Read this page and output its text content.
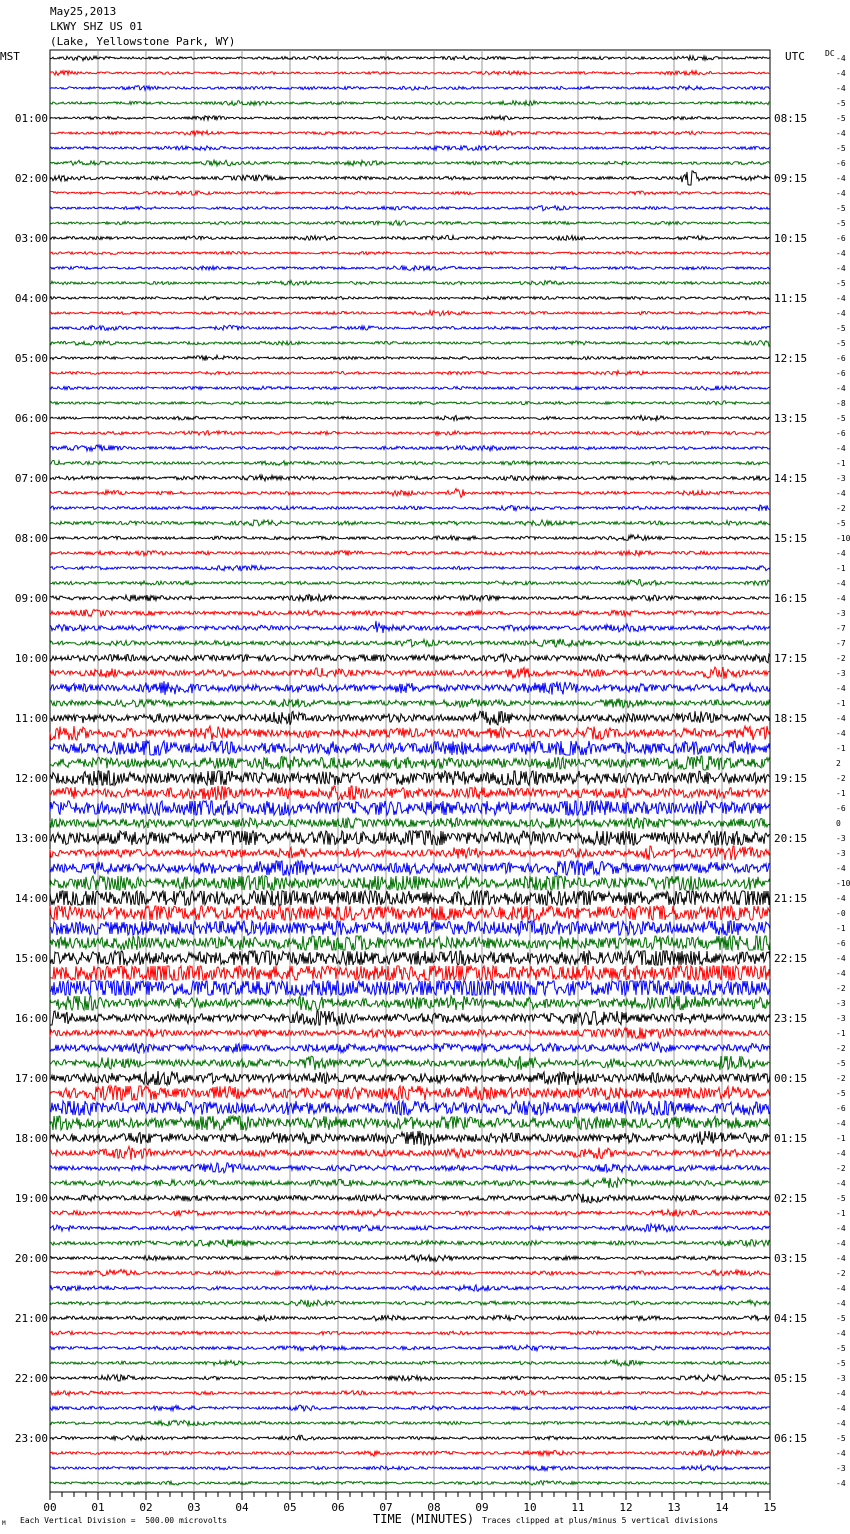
May25,2013
LKWY SHZ US 01
(Lake, Yellowstone Park, WY)
MST	UTC	DC
00	01	02	03	04	05	06	07	08	09	10	11	12	13	14	15
01:00
02:00
03:00
04:00
05:00
06:00
07:00
08:00
09:00
10:00
11:00
12:00
13:00
14:00
15:00
16:00
17:00
18:00
19:00
20:00
21:00
22:00
23:00
08:15
09:15
10:15
11:15
12:15
13:15
14:15
15:15
16:15
17:15
18:15
19:15
20:15
21:15
22:15
23:15
00:15
01:15
02:15
03:15
04:15
05:15
06:15
-4
-4
-4
-5
-5
-4
-5
-6
-4
-4
-5
-5
-6
-4
-4
-5
-4
-4
-5
-5
-6
-6
-4
-8
-5
-6
-4
-1
-3
-4
-2
-5
-10
-4
-1
-4
-4
-3
-7
-7
-2
-3
-4
-1
-4
-4
-1
2
-2
-1
-6
0
-3
-3
-4
-10
-4
-0
-1
-6
-4
-4
-2
-3
-3
-1
-2
-5
-2
-5
-6
-4
-1
-4
-2
-4
-5
-1
-4
-4
-4
-2
-4
-4
-5
-4
-5
-5
-3
-4
-4
-4
-5
-4
-3
-4
TIME (MINUTES)
Each Vertical Division =  500.00 microvolts	Traces clipped at plus/minus 5 vertical divisions
M
